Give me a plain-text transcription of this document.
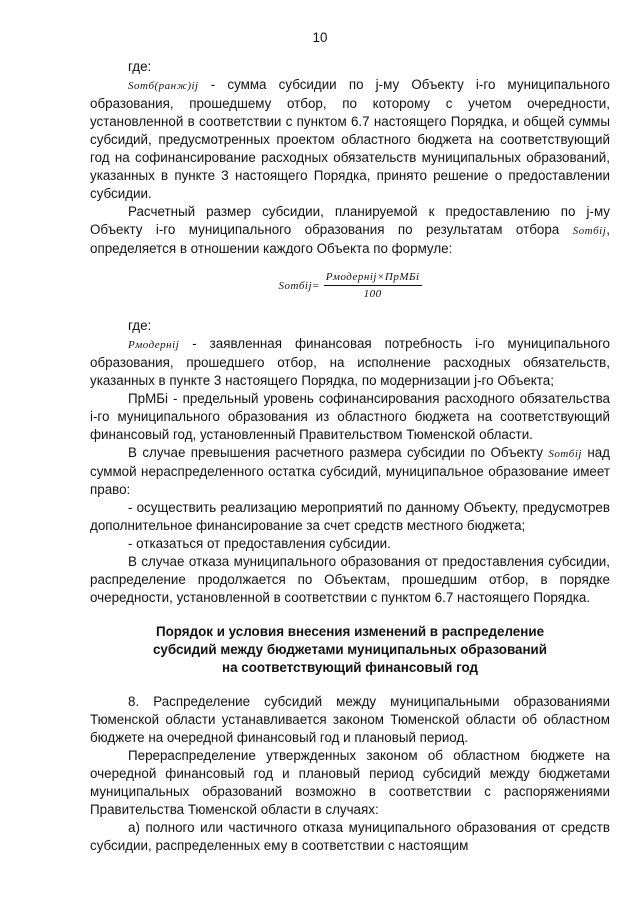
10

где:

Sотб(ранж)ij - сумма субсидии по j-му Объекту i-го муниципального образования, прошедшему отбор, по которому с учетом очередности, установленной в соответствии с пунктом 6.7 настоящего Порядка, и общей суммы субсидий, предусмотренных проектом областного бюджета на соответствующий год на софинансирование расходных обязательств муниципальных образований, указанных в пункте 3 настоящего Порядка, принято решение о предоставлении субсидии.

Расчетный размер субсидии, планируемой к предоставлению по j-му Объекту i-го муниципального образования по результатам отбора Sотбij, определяется в отношении каждого Объекта по формуле:

Sотбij= $\frac{\text{Рмодернij×ПрМБi}}{100}$

где:

Рмодернij - заявленная финансовая потребность i-го муниципального образования, прошедшего отбор, на исполнение расходных обязательств, указанных в пункте 3 настоящего Порядка, по модернизации j-го Объекта;

ПрМБi - предельный уровень софинансирования расходного обязательства i-го муниципального образования из областного бюджета на соответствующий финансовый год, установленный Правительством Тюменской области.

В случае превышения расчетного размера субсидии по Объекту Sотбij над суммой нераспределенного остатка субсидий, муниципальное образование имеет право:

- осуществить реализацию мероприятий по данному Объекту, предусмотрев дополнительное финансирование за счет средств местного бюджета;

- отказаться от предоставления субсидии.

В случае отказа муниципального образования от предоставления субсидии, распределение продолжается по Объектам, прошедшим отбор, в порядке очередности, установленной в соответствии с пунктом 6.7 настоящего Порядка.

Порядок и условия внесения изменений в распределение

субсидий между бюджетами муниципальных образований

на соответствующий финансовый год

8. Распределение субсидий между муниципальными образованиями Тюменской области устанавливается законом Тюменской области об областном бюджете на очередной финансовый год и плановый период.

Перераспределение утвержденных законом об областном бюджете на очередной финансовый год и плановый период субсидий между бюджетами муниципальных образований возможно в соответствии с распоряжениями Правительства Тюменской области в случаях:

а) полного или частичного отказа муниципального образования от средств субсидии, распределенных ему в соответствии с настоящим
